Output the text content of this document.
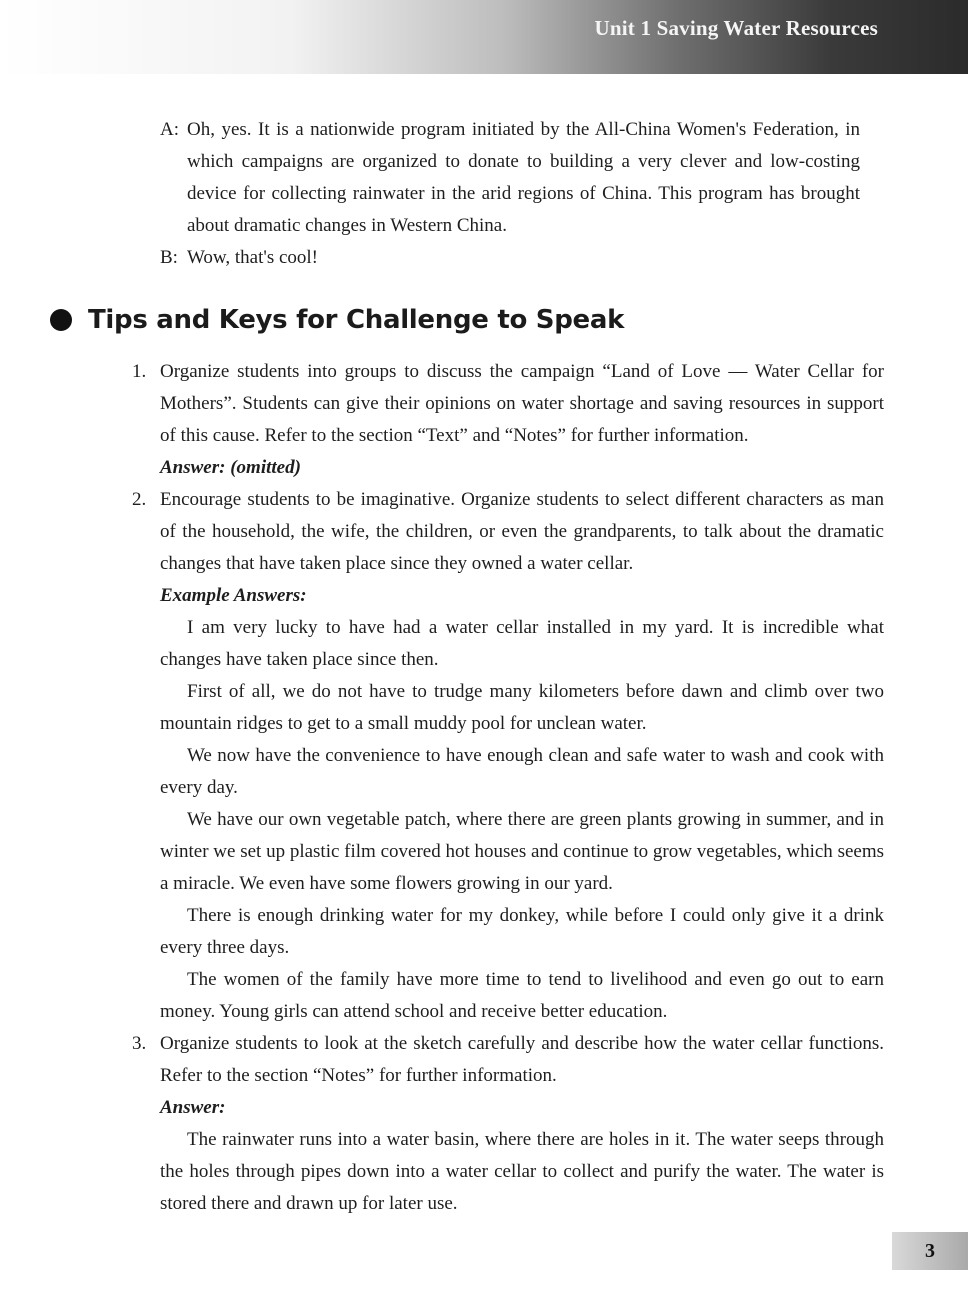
Unit 1 Saving Water Resources
A: Oh, yes. It is a nationwide program initiated by the All-China Women's Federation, in which campaigns are organized to donate to building a very clever and low-costing device for collecting rainwater in the arid regions of China. This program has brought about dramatic changes in Western China.
B: Wow, that's cool!
Tips and Keys for Challenge to Speak
1. Organize students into groups to discuss the campaign “Land of Love — Water Cellar for Mothers”. Students can give their opinions on water shortage and saving resources in support of this cause. Refer to the section “Text” and “Notes” for further information.

Answer: (omitted)

2. Encourage students to be imaginative. Organize students to select different characters as man of the household, the wife, the children, or even the grandparents, to talk about the dramatic changes that have taken place since they owned a water cellar.

Example Answers:

I am very lucky to have had a water cellar installed in my yard. It is incredible what changes have taken place since then.

First of all, we do not have to trudge many kilometers before dawn and climb over two mountain ridges to get to a small muddy pool for unclean water.

We now have the convenience to have enough clean and safe water to wash and cook with every day.

We have our own vegetable patch, where there are green plants growing in summer, and in winter we set up plastic film covered hot houses and continue to grow vegetables, which seems a miracle. We even have some flowers growing in our yard.

There is enough drinking water for my donkey, while before I could only give it a drink every three days.

The women of the family have more time to tend to livelihood and even go out to earn money. Young girls can attend school and receive better education.

3. Organize students to look at the sketch carefully and describe how the water cellar functions. Refer to the section “Notes” for further information.

Answer:

The rainwater runs into a water basin, where there are holes in it. The water seeps through the holes through pipes down into a water cellar to collect and purify the water. The water is stored there and drawn up for later use.

3
